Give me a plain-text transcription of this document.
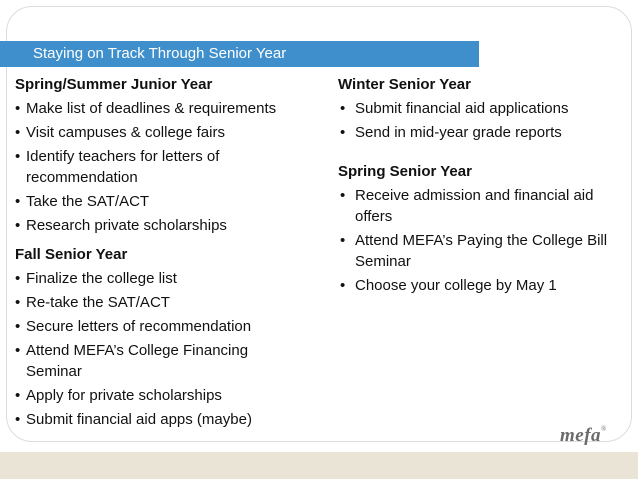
Staying on Track Through Senior Year
Spring/Summer Junior Year
• Make list of deadlines & requirements
• Visit campuses & college fairs
• Identify teachers for letters of recommendation
• Take the SAT/ACT
• Research private scholarships
Fall Senior Year
• Finalize the college list
• Re-take the SAT/ACT
• Secure letters of recommendation
• Attend MEFA’s College Financing Seminar
• Apply for private scholarships
• Submit financial aid apps (maybe)
Winter Senior Year
• Submit financial aid applications
• Send in mid-year grade reports
Spring Senior Year
• Receive admission and financial aid offers
• Attend MEFA’s Paying the College Bill Seminar
• Choose your college by May 1
mefa®
